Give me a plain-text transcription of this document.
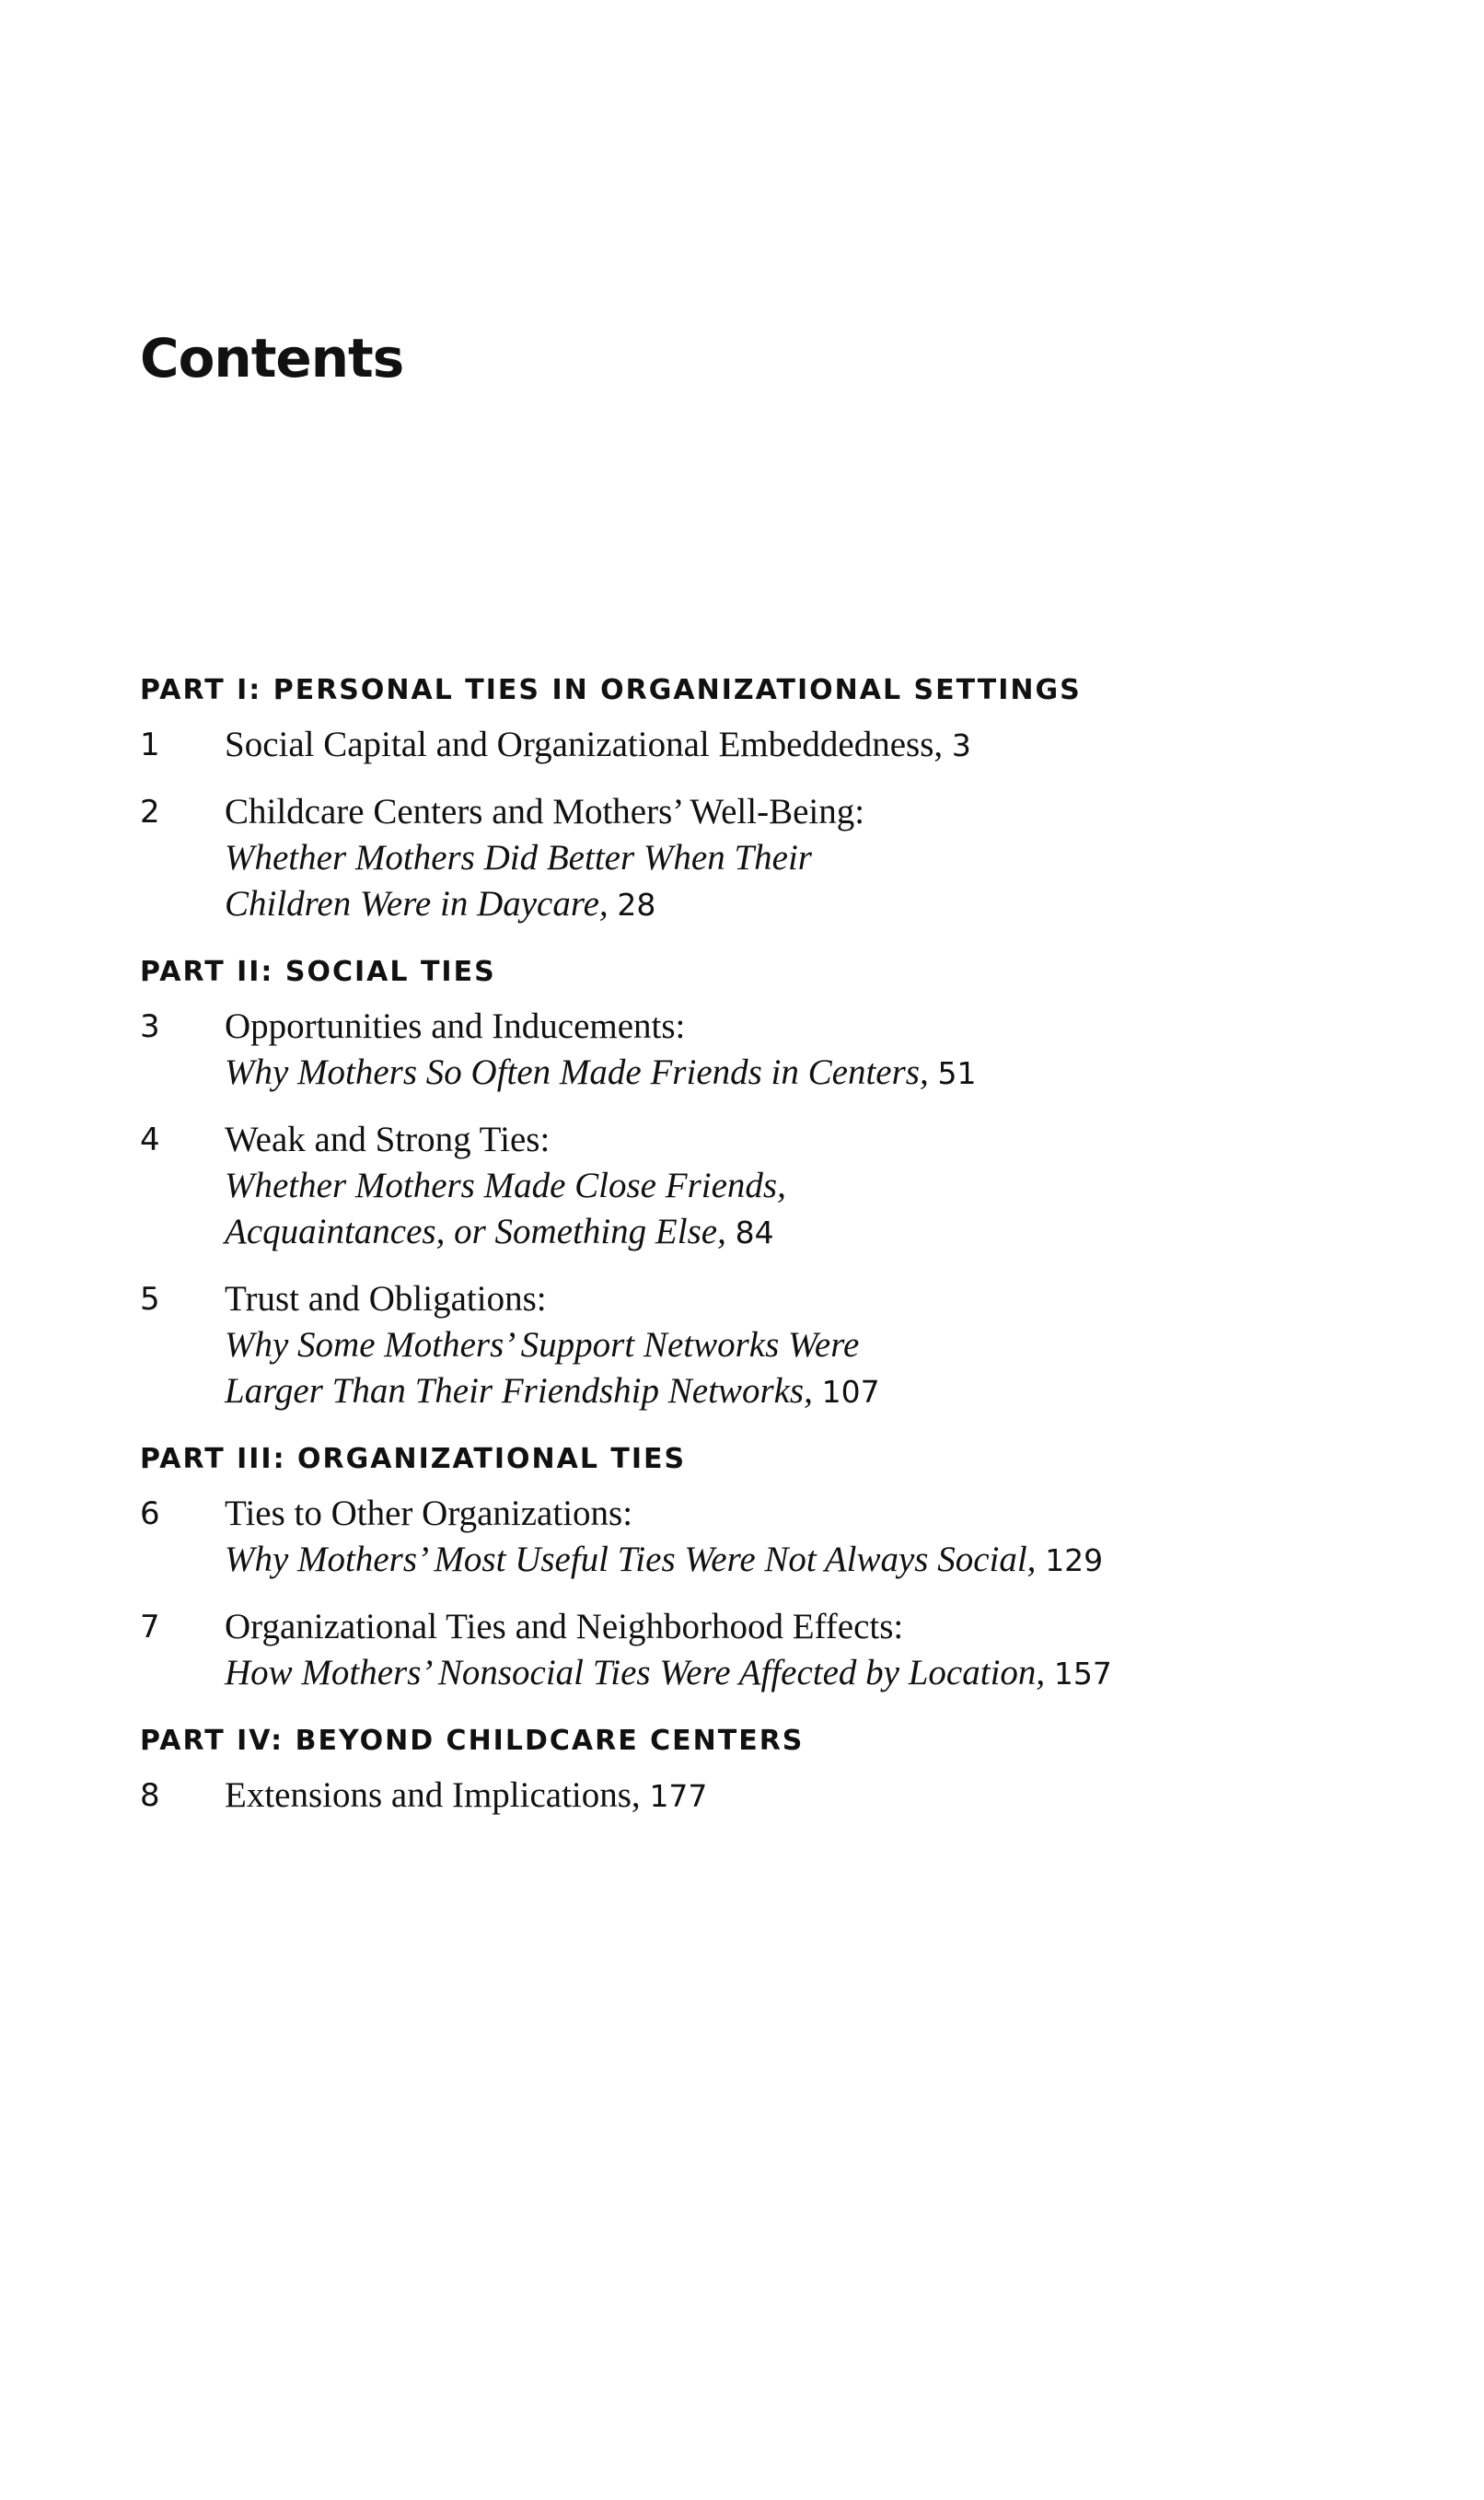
Contents
PART I: PERSONAL TIES IN ORGANIZATIONAL SETTINGS
1 Social Capital and Organizational Embeddedness, 3
2 Childcare Centers and Mothers’ Well-Being:
Whether Mothers Did Better When Their
Children Were in Daycare, 28
PART II: SOCIAL TIES
3 Opportunities and Inducements:
Why Mothers So Often Made Friends in Centers, 51
4 Weak and Strong Ties:
Whether Mothers Made Close Friends,
Acquaintances, or Something Else, 84
5 Trust and Obligations:
Why Some Mothers’ Support Networks Were
Larger Than Their Friendship Networks, 107
PART III: ORGANIZATIONAL TIES
6 Ties to Other Organizations:
Why Mothers’ Most Useful Ties Were Not Always Social, 129
7 Organizational Ties and Neighborhood Effects:
How Mothers’ Nonsocial Ties Were Affected by Location, 157
PART IV: BEYOND CHILDCARE CENTERS
8 Extensions and Implications, 177
